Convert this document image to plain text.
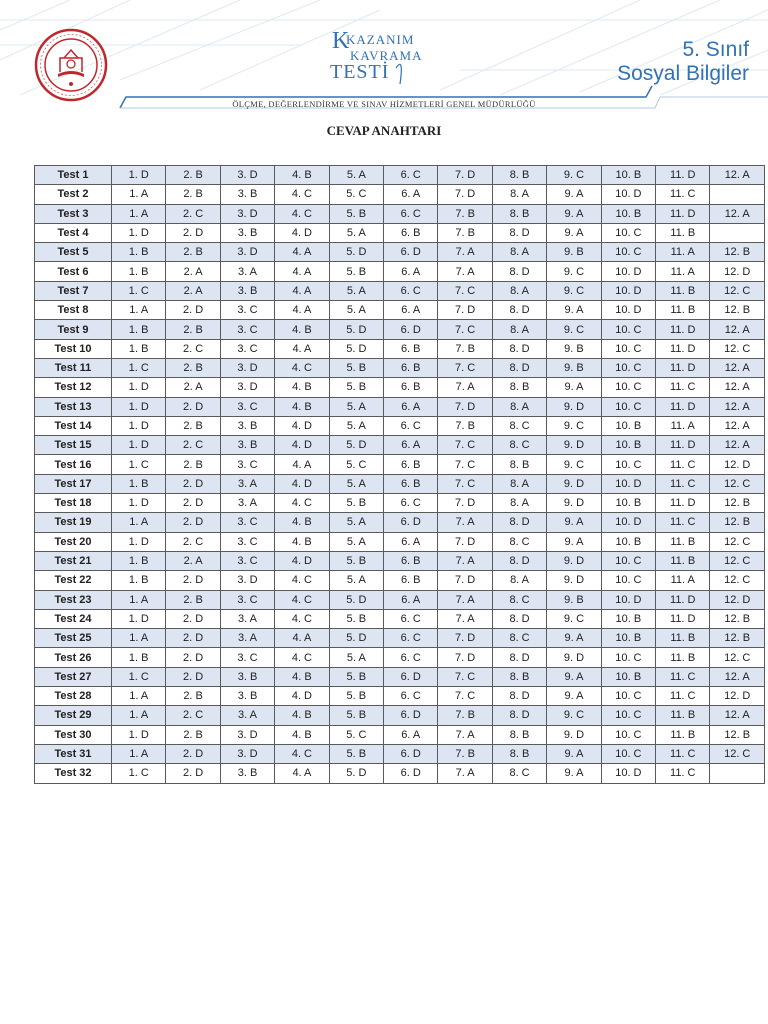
K
KAZANIM
KAVRAMA
TESTİ
5. Sınıf
Sosyal Bilgiler
ÖLÇME, DEĞERLENDİRME VE SINAV HİZMETLERİ GENEL MÜDÜRLÜĞÜ
CEVAP ANAHTARI
Test 1	1. D	2. B	3. D	4. B	5. A	6. C	7. D	8. B	9. C	10. B	11. D	12. A
Test 2	1. A	2. B	3. B	4. C	5. C	6. A	7. D	8. A	9. A	10. D	11. C	
Test 3	1. A	2. C	3. D	4. C	5. B	6. C	7. B	8. B	9. A	10. B	11. D	12. A
Test 4	1. D	2. D	3. B	4. D	5. A	6. B	7. B	8. D	9. A	10. C	11. B	
Test 5	1. B	2. B	3. D	4. A	5. D	6. D	7. A	8. A	9. B	10. C	11. A	12. B
Test 6	1. B	2. A	3. A	4. A	5. B	6. A	7. A	8. D	9. C	10. D	11. A	12. D
Test 7	1. C	2. A	3. B	4. A	5. A	6. C	7. C	8. A	9. C	10. D	11. B	12. C
Test 8	1. A	2. D	3. C	4. A	5. A	6. A	7. D	8. D	9. A	10. D	11. B	12. B
Test 9	1. B	2. B	3. C	4. B	5. D	6. D	7. C	8. A	9. C	10. C	11. D	12. A
Test 10	1. B	2. C	3. C	4. A	5. D	6. B	7. B	8. D	9. B	10. C	11. D	12. C
Test 11	1. C	2. B	3. D	4. C	5. B	6. B	7. C	8. D	9. B	10. C	11. D	12. A
Test 12	1. D	2. A	3. D	4. B	5. B	6. B	7. A	8. B	9. A	10. C	11. C	12. A
Test 13	1. D	2. D	3. C	4. B	5. A	6. A	7. D	8. A	9. D	10. C	11. D	12. A
Test 14	1. D	2. B	3. B	4. D	5. A	6. C	7. B	8. C	9. C	10. B	11. A	12. A
Test 15	1. D	2. C	3. B	4. D	5. D	6. A	7. C	8. C	9. D	10. B	11. D	12. A
Test 16	1. C	2. B	3. C	4. A	5. C	6. B	7. C	8. B	9. C	10. C	11. C	12. D
Test 17	1. B	2. D	3. A	4. D	5. A	6. B	7. C	8. A	9. D	10. D	11. C	12. C
Test 18	1. D	2. D	3. A	4. C	5. B	6. C	7. D	8. A	9. D	10. B	11. D	12. B
Test 19	1. A	2. D	3. C	4. B	5. A	6. D	7. A	8. D	9. A	10. D	11. C	12. B
Test 20	1. D	2. C	3. C	4. B	5. A	6. A	7. D	8. C	9. A	10. B	11. B	12. C
Test 21	1. B	2. A	3. C	4. D	5. B	6. B	7. A	8. D	9. D	10. C	11. B	12. C
Test 22	1. B	2. D	3. D	4. C	5. A	6. B	7. D	8. A	9. D	10. C	11. A	12. C
Test 23	1. A	2. B	3. C	4. C	5. D	6. A	7. A	8. C	9. B	10. D	11. D	12. D
Test 24	1. D	2. D	3. A	4. C	5. B	6. C	7. A	8. D	9. C	10. B	11. D	12. B
Test 25	1. A	2. D	3. A	4. A	5. D	6. C	7. D	8. C	9. A	10. B	11. B	12. B
Test 26	1. B	2. D	3. C	4. C	5. A	6. C	7. D	8. D	9. D	10. C	11. B	12. C
Test 27	1. C	2. D	3. B	4. B	5. B	6. D	7. C	8. B	9. A	10. B	11. C	12. A
Test 28	1. A	2. B	3. B	4. D	5. B	6. C	7. C	8. D	9. A	10. C	11. C	12. D
Test 29	1. A	2. C	3. A	4. B	5. B	6. D	7. B	8. D	9. C	10. C	11. B	12. A
Test 30	1. D	2. B	3. D	4. B	5. C	6. A	7. A	8. B	9. D	10. C	11. B	12. B
Test 31	1. A	2. D	3. D	4. C	5. B	6. D	7. B	8. B	9. A	10. C	11. C	12. C
Test 32	1. C	2. D	3. B	4. A	5. D	6. D	7. A	8. C	9. A	10. D	11. C	
